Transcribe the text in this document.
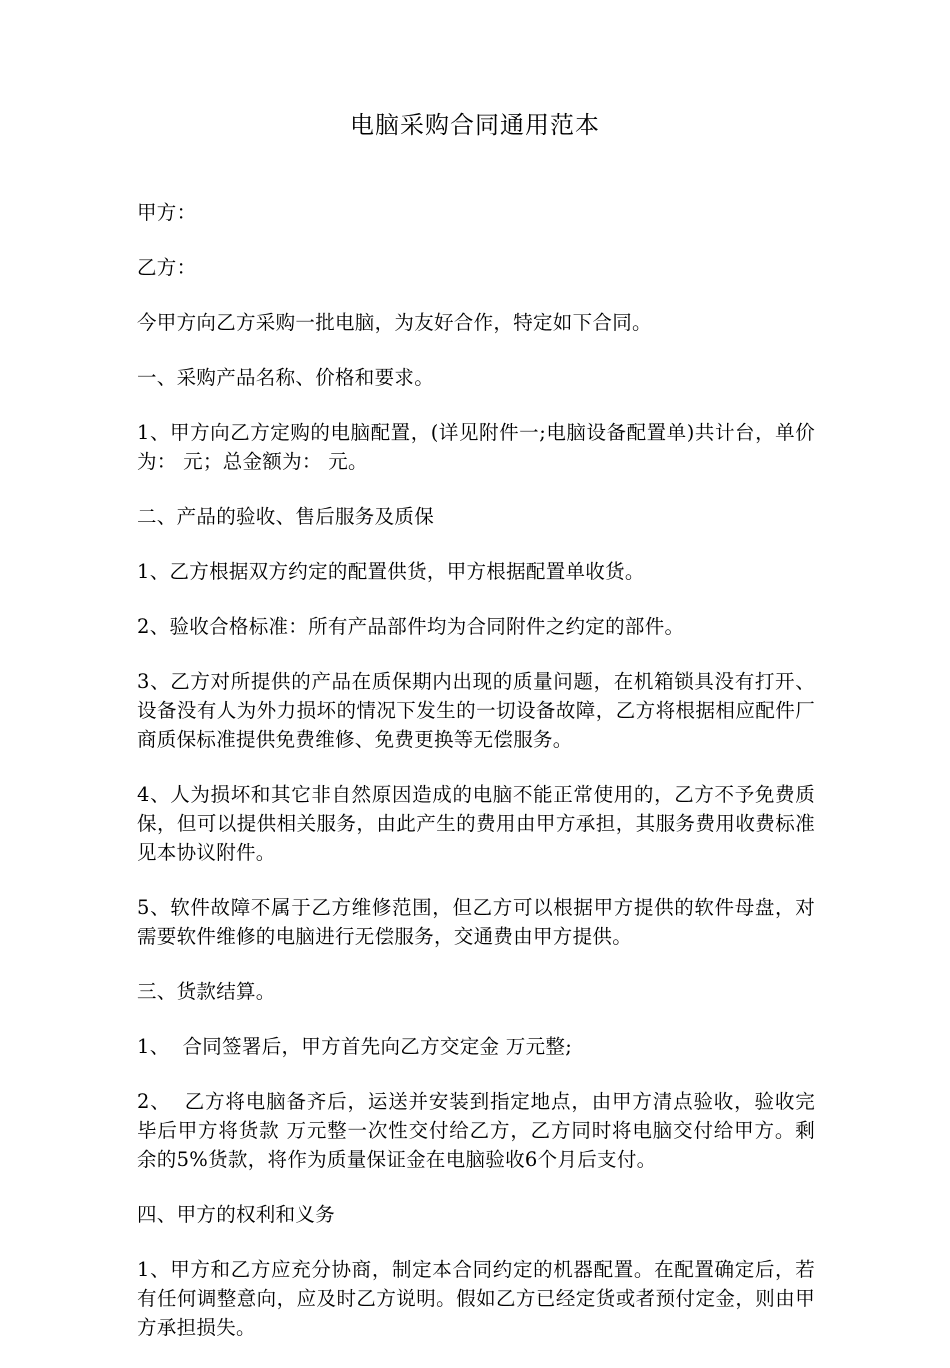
电脑采购合同通用范本

甲方：

乙方：

今甲方向乙方采购一批电脑，为友好合作，特定如下合同。

一、采购产品名称、价格和要求。

1、甲方向乙方定购的电脑配置，(详见附件一;电脑设备配置单)共计台，单价为： 元；总金额为： 元。

二、产品的验收、售后服务及质保

1、乙方根据双方约定的配置供货，甲方根据配置单收货。

2、验收合格标准：所有产品部件均为合同附件之约定的部件。

3、乙方对所提供的产品在质保期内出现的质量问题，在机箱锁具没有打开、设备没有人为外力损坏的情况下发生的一切设备故障，乙方将根据相应配件厂商质保标准提供免费维修、免费更换等无偿服务。

4、人为损坏和其它非自然原因造成的电脑不能正常使用的，乙方不予免费质保，但可以提供相关服务，由此产生的费用由甲方承担，其服务费用收费标准见本协议附件。

5、软件故障不属于乙方维修范围，但乙方可以根据甲方提供的软件母盘，对需要软件维修的电脑进行无偿服务，交通费由甲方提供。

三、货款结算。

1、  合同签署后，甲方首先向乙方交定金 万元整;

2、  乙方将电脑备齐后，运送并安装到指定地点，由甲方清点验收，验收完毕后甲方将货款 万元整一次性交付给乙方，乙方同时将电脑交付给甲方。剩余的5%货款，将作为质量保证金在电脑验收6个月后支付。

四、甲方的权利和义务

1、甲方和乙方应充分协商，制定本合同约定的机器配置。在配置确定后，若有任何调整意向，应及时乙方说明。假如乙方已经定货或者预付定金，则由甲方承担损失。
